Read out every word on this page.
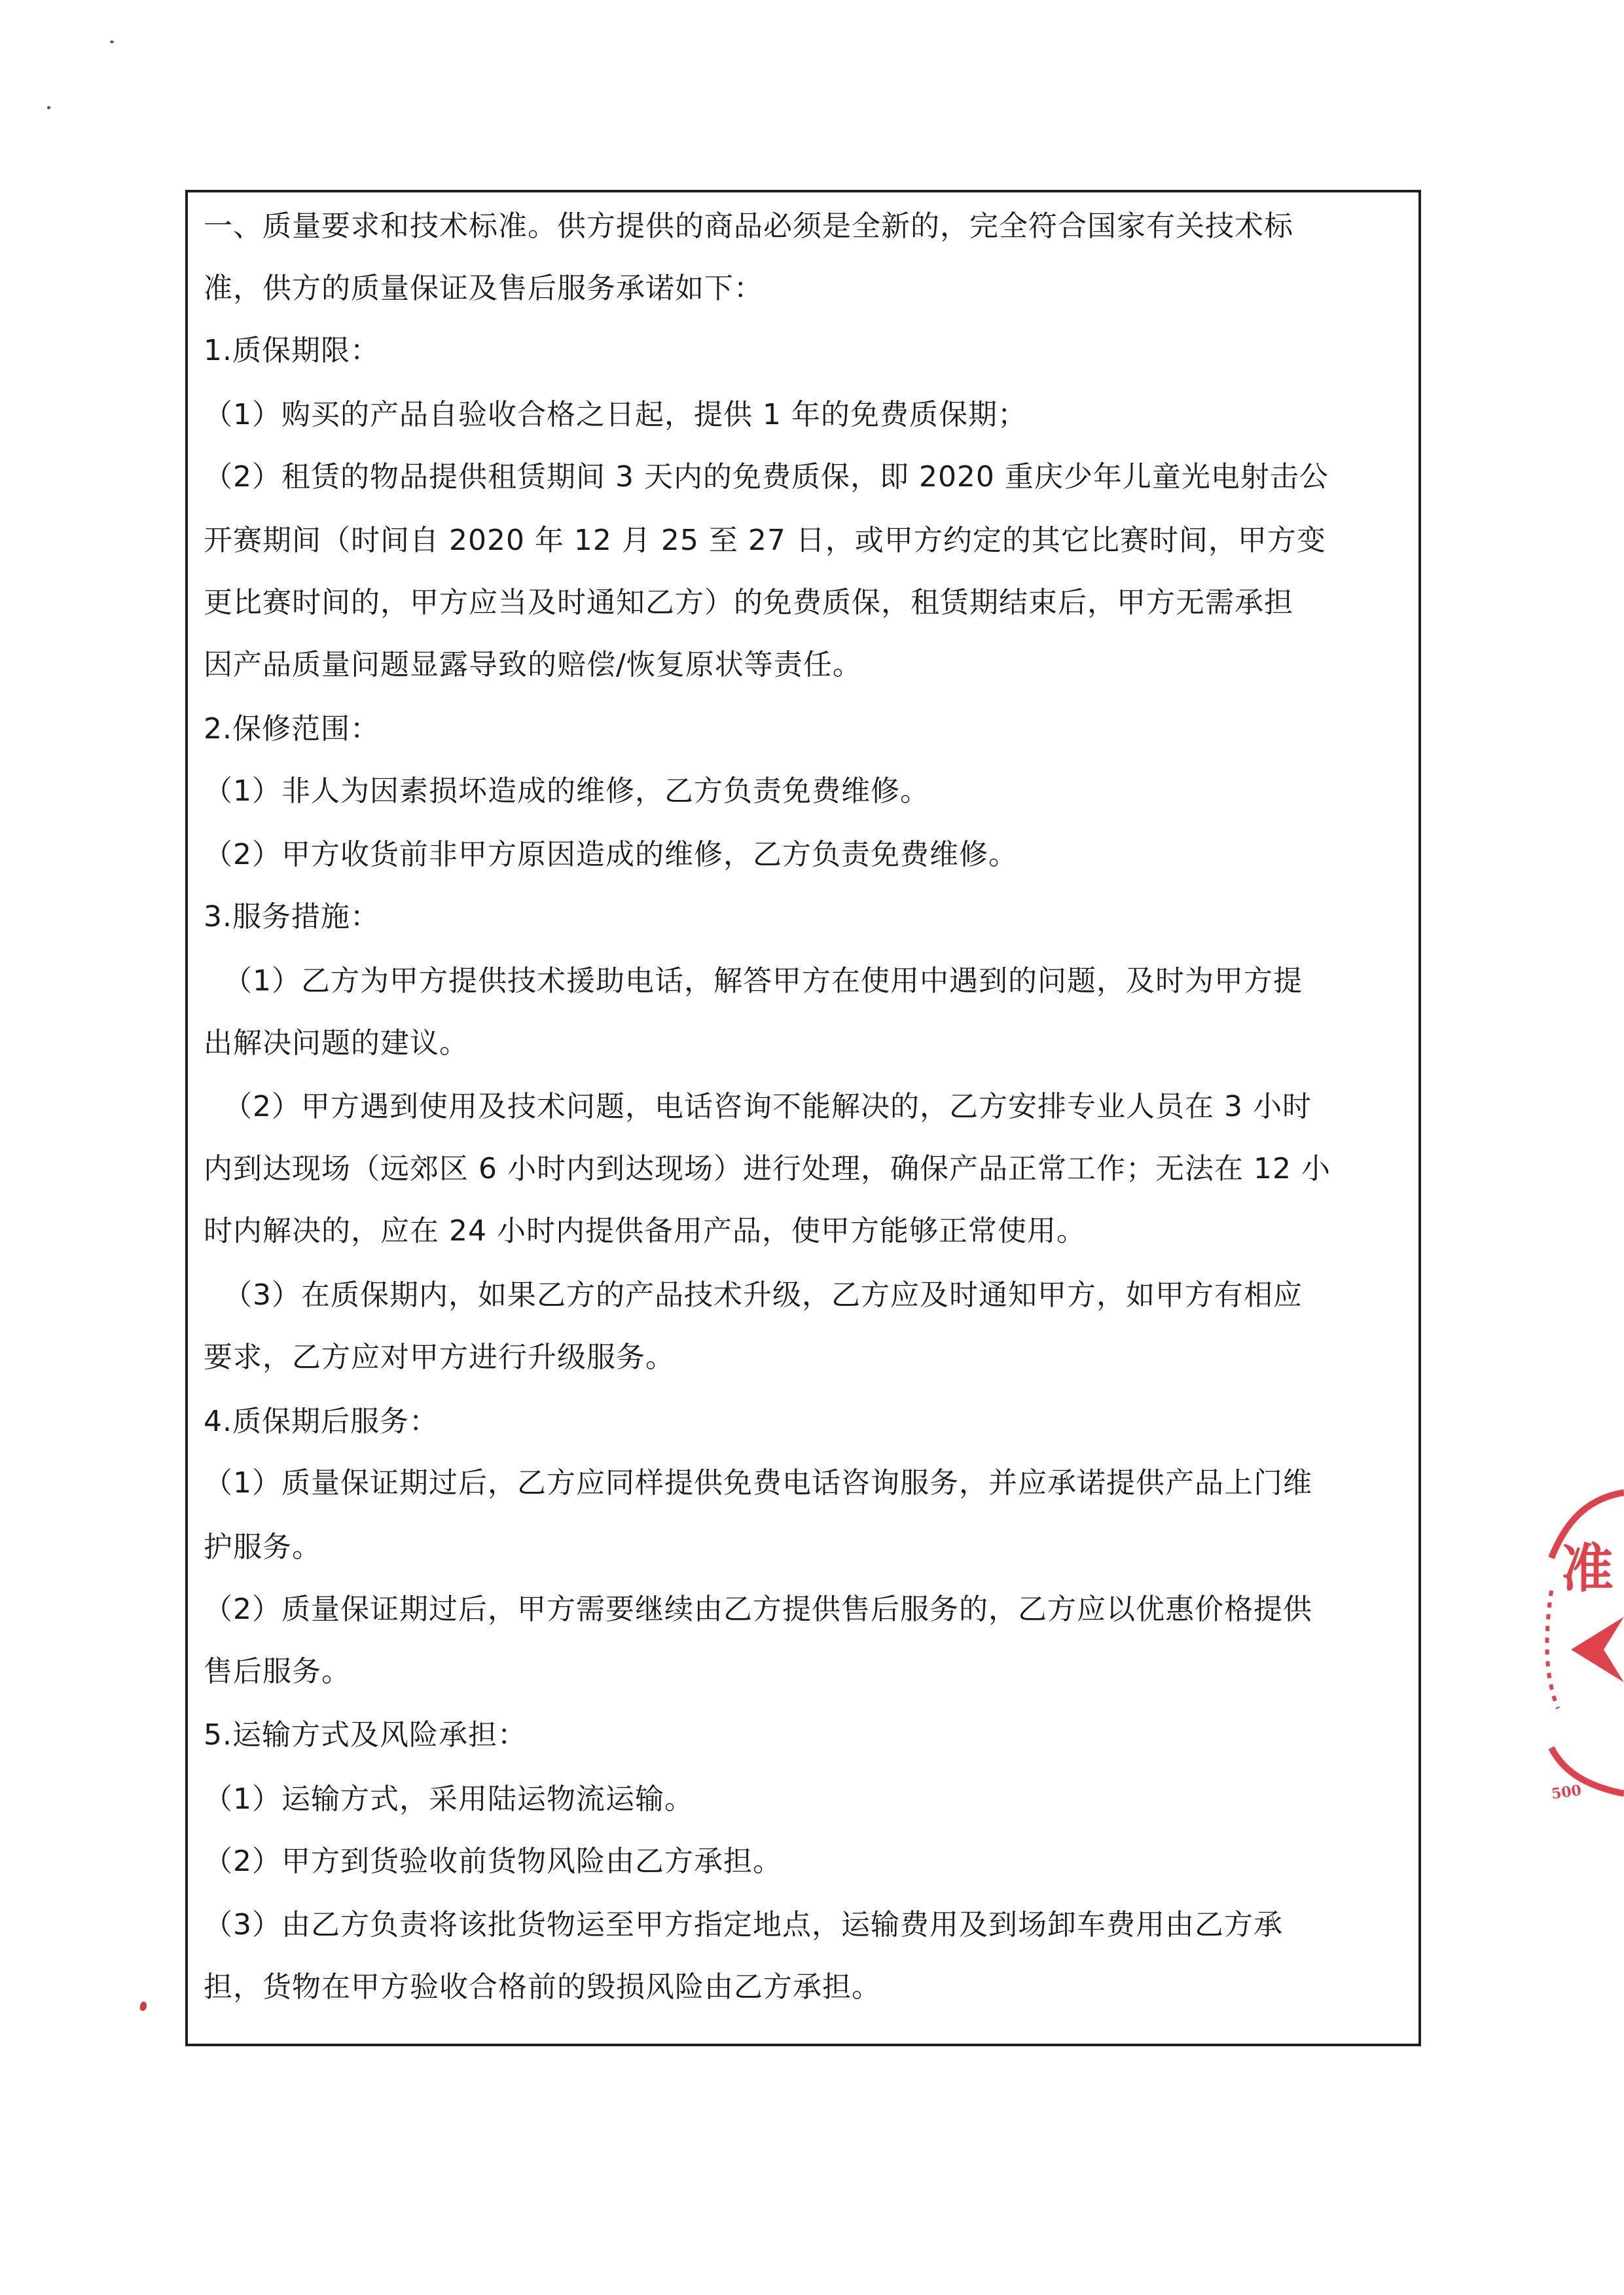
一、质量要求和技术标准。供方提供的商品必须是全新的，完全符合国家有关技术标
准，供方的质量保证及售后服务承诺如下：
1.质保期限：
（1）购买的产品自验收合格之日起，提供 1 年的免费质保期；
（2）租赁的物品提供租赁期间 3 天内的免费质保，即 2020 重庆少年儿童光电射击公
开赛期间（时间自 2020 年 12 月 25 至 27 日，或甲方约定的其它比赛时间，甲方变
更比赛时间的，甲方应当及时通知乙方）的免费质保，租赁期结束后，甲方无需承担
因产品质量问题显露导致的赔偿/恢复原状等责任。
2.保修范围：
（1）非人为因素损坏造成的维修，乙方负责免费维修。
（2）甲方收货前非甲方原因造成的维修，乙方负责免费维修。
3.服务措施：
（1）乙方为甲方提供技术援助电话，解答甲方在使用中遇到的问题，及时为甲方提
出解决问题的建议。
（2）甲方遇到使用及技术问题，电话咨询不能解决的，乙方安排专业人员在 3 小时
内到达现场（远郊区 6 小时内到达现场）进行处理，确保产品正常工作；无法在 12 小
时内解决的，应在 24 小时内提供备用产品，使甲方能够正常使用。
（3）在质保期内，如果乙方的产品技术升级，乙方应及时通知甲方，如甲方有相应
要求，乙方应对甲方进行升级服务。
4.质保期后服务：
（1）质量保证期过后，乙方应同样提供免费电话咨询服务，并应承诺提供产品上门维
护服务。
（2）质量保证期过后，甲方需要继续由乙方提供售后服务的，乙方应以优惠价格提供
售后服务。
5.运输方式及风险承担：
（1）运输方式，采用陆运物流运输。
（2）甲方到货验收前货物风险由乙方承担。
（3）由乙方负责将该批货物运至甲方指定地点，运输费用及到场卸车费用由乙方承
担，货物在甲方验收合格前的毁损风险由乙方承担。
准
500
